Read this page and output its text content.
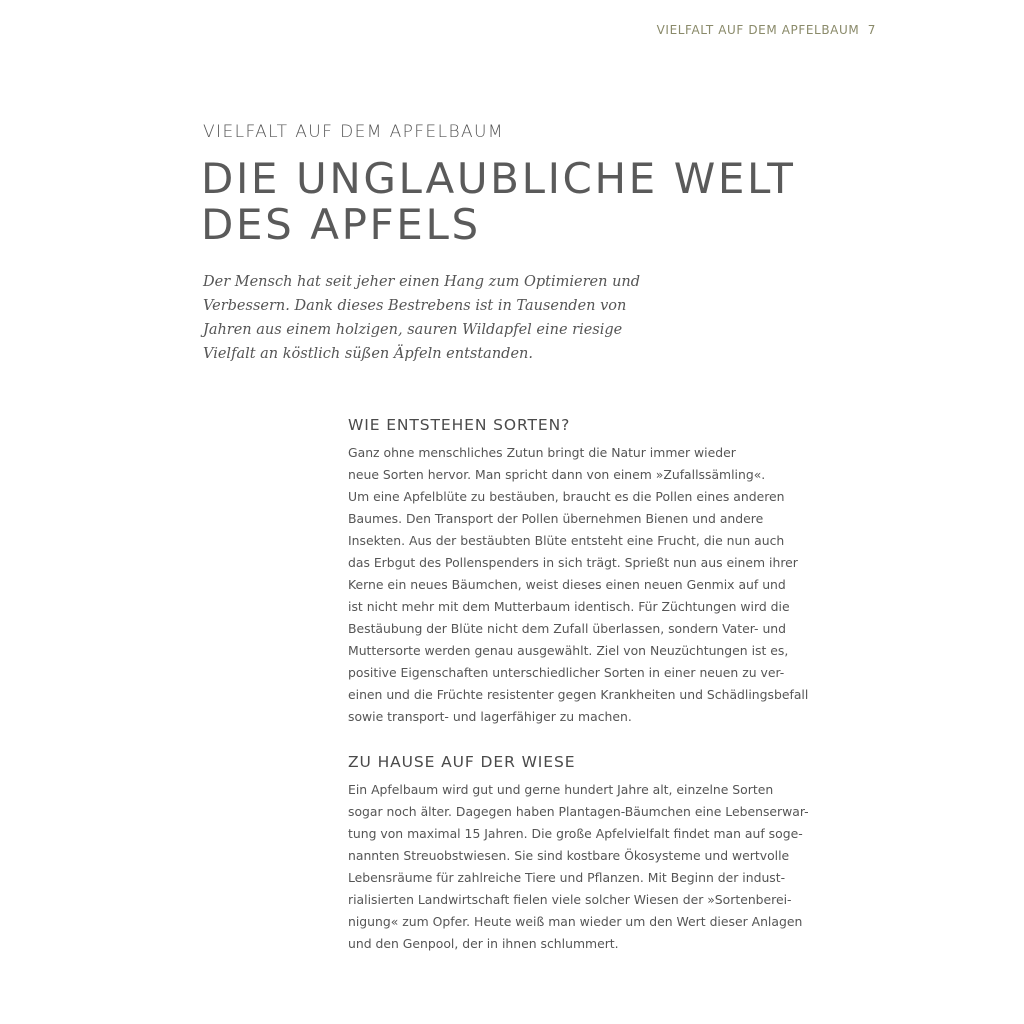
VIELFALT AUF DEM APFELBAUM 7
VIELFALT AUF DEM APFELBAUM
DIE UNGLAUBLICHE WELT
DES APFELS
Der Mensch hat seit jeher einen Hang zum Optimieren und
Verbessern. Dank dieses Bestrebens ist in Tausenden von
Jahren aus einem holzigen, sauren Wildapfel eine riesige
Vielfalt an köstlich süßen Äpfeln entstanden.
WIE ENTSTEHEN SORTEN?
Ganz ohne menschliches Zutun bringt die Natur immer wieder
neue Sorten hervor. Man spricht dann von einem »Zufallssämling«.
Um eine Apfelblüte zu bestäuben, braucht es die Pollen eines anderen
Baumes. Den Transport der Pollen übernehmen Bienen und andere
Insekten. Aus der bestäubten Blüte entsteht eine Frucht, die nun auch
das Erbgut des Pollenspenders in sich trägt. Sprießt nun aus einem ihrer
Kerne ein neues Bäumchen, weist dieses einen neuen Genmix auf und
ist nicht mehr mit dem Mutterbaum identisch. Für Züchtungen wird die
Bestäubung der Blüte nicht dem Zufall überlassen, sondern Vater- und
Muttersorte werden genau ausgewählt. Ziel von Neuzüchtungen ist es,
positive Eigenschaften unterschiedlicher Sorten in einer neuen zu ver-
einen und die Früchte resistenter gegen Krankheiten und Schädlingsbefall
sowie transport- und lagerfähiger zu machen.
ZU HAUSE AUF DER WIESE
Ein Apfelbaum wird gut und gerne hundert Jahre alt, einzelne Sorten
sogar noch älter. Dagegen haben Plantagen-Bäumchen eine Lebenserwar-
tung von maximal 15 Jahren. Die große Apfelvielfalt findet man auf soge-
nannten Streuobstwiesen. Sie sind kostbare Ökosysteme und wertvolle
Lebensräume für zahlreiche Tiere und Pflanzen. Mit Beginn der indust-
rialisierten Landwirtschaft fielen viele solcher Wiesen der »Sortenberei-
nigung« zum Opfer. Heute weiß man wieder um den Wert dieser Anlagen
und den Genpool, der in ihnen schlummert.
